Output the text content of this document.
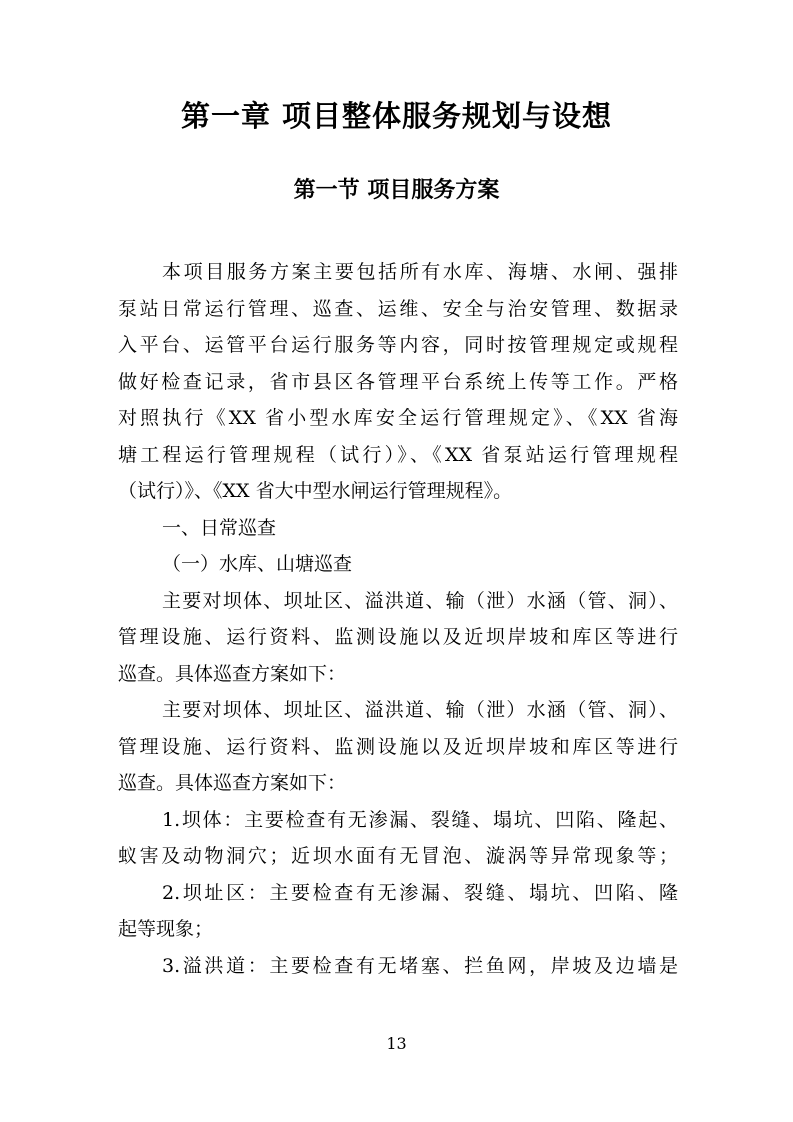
第一章 项目整体服务规划与设想
第一节 项目服务方案
本项目服务方案主要包括所有水库、海塘、水闸、强排
泵站日常运行管理、巡查、运维、安全与治安管理、数据录
入平台、运管平台运行服务等内容，同时按管理规定或规程
做好检查记录，省市县区各管理平台系统上传等工作。严格
对照执行《XX 省小型水库安全运行管理规定》、《XX 省海
塘工程运行管理规程（试行）》、《XX 省泵站运行管理规程
（试行）》、《XX 省大中型水闸运行管理规程》。
一、日常巡查
（一）水库、山塘巡查
主要对坝体、坝址区、溢洪道、输（泄）水涵（管、洞）、
管理设施、运行资料、监测设施以及近坝岸坡和库区等进行
巡查。具体巡查方案如下：
主要对坝体、坝址区、溢洪道、输（泄）水涵（管、洞）、
管理设施、运行资料、监测设施以及近坝岸坡和库区等进行
巡查。具体巡查方案如下：
1.坝体：主要检查有无渗漏、裂缝、塌坑、凹陷、隆起、
蚁害及动物洞穴；近坝水面有无冒泡、漩涡等异常现象等；
2.坝址区：主要检查有无渗漏、裂缝、塌坑、凹陷、隆
起等现象；
3.溢洪道：主要检查有无堵塞、拦鱼网，岸坡及边墙是
13
